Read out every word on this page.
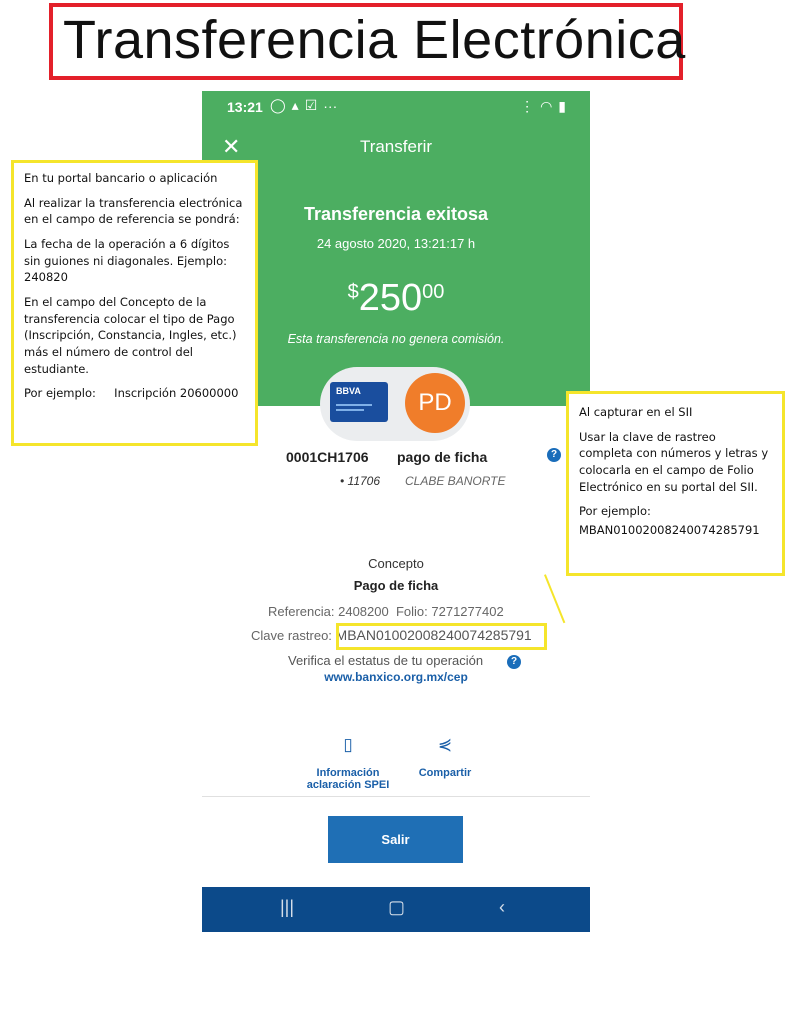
Transferencia Electrónica
13:21 ◯ ▴ ☑ ···	⋮ ◠ ▮
✕	Transferir
Transferencia exitosa
24 agosto 2020, 13:21:17 h
$25000
Esta transferencia no genera comisión.
BBVA	PD
0001CH1706 pago de ficha	?
• 11706 CLABE BANORTE
Concepto
Pago de ficha
Referencia: 2408200 Folio: 7271277402
Clave rastreo: MBAN01002008240074285791
Verifica el estatus de tu operación	?
www.banxico.org.mx/cep
▯
Información
aclaración SPEI
⋞
Compartir
Salir
|||	▢	‹

En tu portal bancario o aplicación

Al realizar la transferencia electrónica en el campo de referencia se pondrá:

La fecha de la operación a 6 dígitos sin guiones ni diagonales. Ejemplo: 240820

En el campo del Concepto de la transferencia colocar el tipo de Pago (Inscripción, Constancia, Ingles, etc.) más el número de control del estudiante.

Por ejemplo:     Inscripción 20600000

Al capturar en el SII

Usar la clave de rastreo completa con números y letras y colocarla en el campo de Folio Electrónico en su portal del SII.

Por ejemplo:

MBAN01002008240074285791
